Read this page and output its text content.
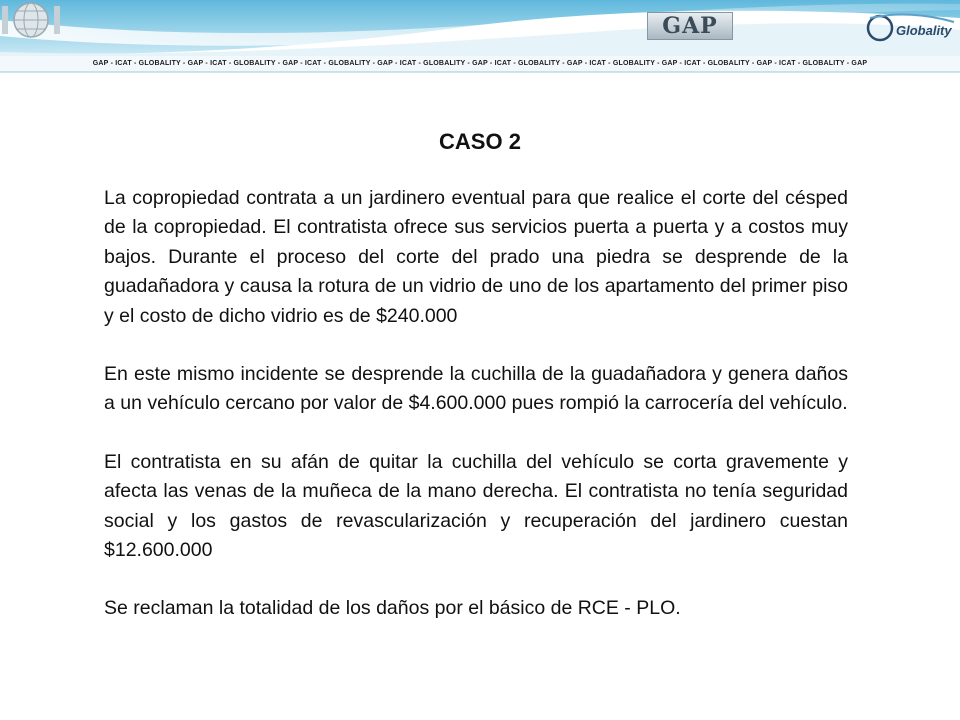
GAP	Globality
GAP - ICAT - GLOBALITY - GAP - ICAT - GLOBALITY - GAP - ICAT - GLOBALITY - GAP - ICAT - GLOBALITY - GAP - ICAT - GLOBALITY - GAP - ICAT - GLOBALITY - GAP - ICAT - GLOBALITY - GAP - ICAT - GLOBALITY - GAP
CASO 2

La copropiedad contrata a un jardinero eventual para que realice el corte del césped de la copropiedad. El contratista ofrece sus servicios puerta a puerta y a costos muy bajos. Durante el proceso del corte del prado una piedra se desprende de la guadañadora y causa la rotura de un vidrio de uno de los apartamento del primer piso y el costo de dicho vidrio es de $240.000

En este mismo incidente se desprende la cuchilla de la guadañadora y genera daños a un vehículo cercano por valor de $4.600.000 pues rompió la carrocería del vehículo.

El contratista en su afán de quitar la cuchilla del vehículo se corta gravemente y afecta las venas de la muñeca de la mano derecha. El contratista no tenía seguridad social y los gastos de revascularización y recuperación del jardinero cuestan $12.600.000

Se reclaman la totalidad de los daños por el básico de RCE - PLO.
